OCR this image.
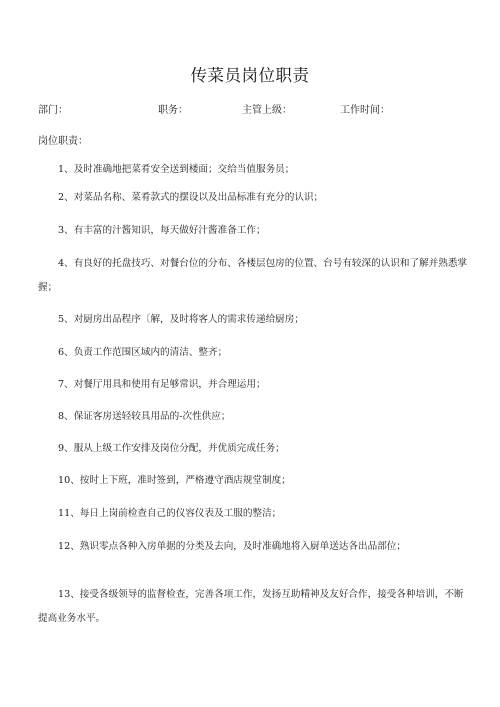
传菜员岗位职责
部门：	职务：	主管上级：	工作时间：
岗位职责：
1、及时准确地把菜肴安全送到楼面；交给当值服务员；
2、对菜品名称、菜肴款式的摆设以及出品标准有充分的认识；
3、有丰富的汁酱知识，每天做好汁酱准备工作；
4、有良好的托盘技巧、对餐台位的分布、各楼层包房的位置、台号有较深的认识和了解并熟悉掌握；
5、对厨房出品程序〔解，及时将客人的需求传递给厨房；
6、负责工作范围区域内的清洁、整齐；
7、对餐厅用具和使用有足够常识，并合理运用；
8、保证客房送轻较具用品的-次性供应；
9、服从上级工作安排及岗位分配，并优质完成任务；
10、按时上下班，准时签到，严格遵守酒店规堂制度；
11、每日上岗前检查自己的仪容仪表及工服的整洁；
12、熟识零点各种入房单据的分类及去向，及时准确地将入厨单送达各出品部位；
13、接受各级领导的监督检查，完善各项工作，发扬互助精神及友好合作，接受各种培训，不断提高业务水平。
